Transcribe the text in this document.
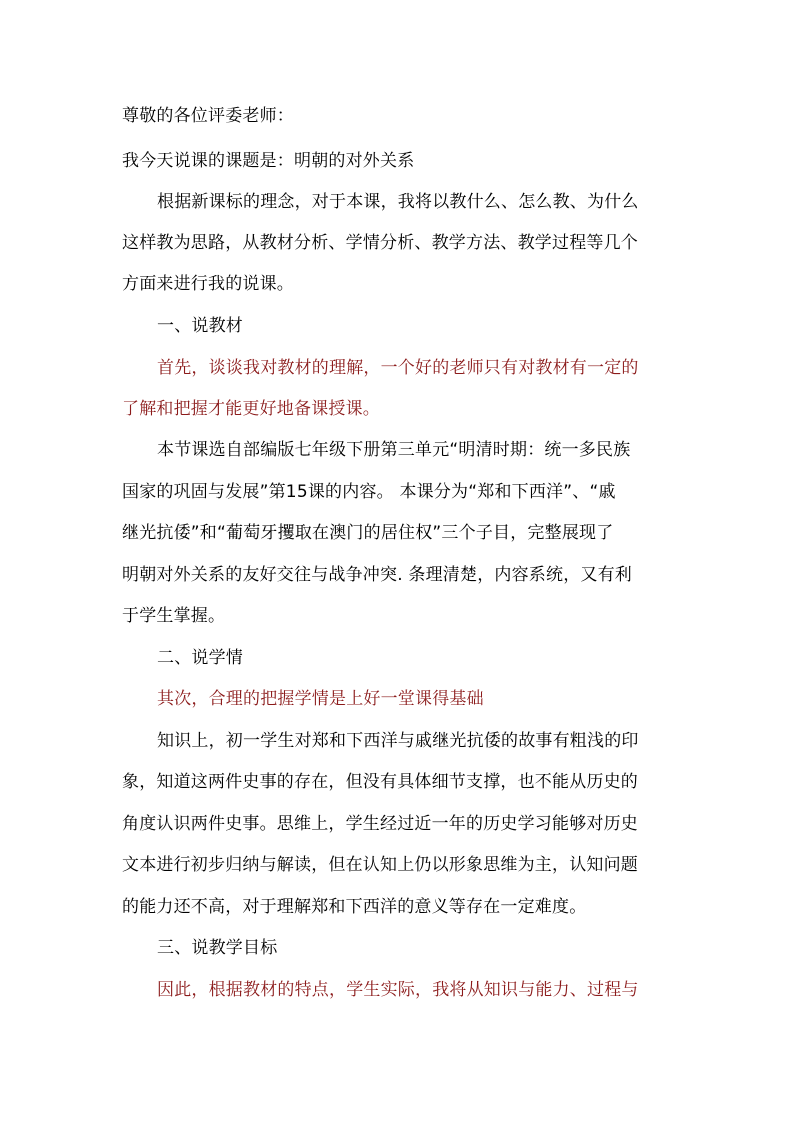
尊敬的各位评委老师：
我今天说课的课题是：明朝的对外关系
根据新课标的理念，对于本课，我将以教什么、怎么教、为什么
这样教为思路，从教材分析、学情分析、教学方法、教学过程等几个
方面来进行我的说课。
一、说教材
首先，谈谈我对教材的理解，一个好的老师只有对教材有一定的
了解和把握才能更好地备课授课。
本节课选自部编版七年级下册第三单元“明清时期：统一多民族
国家的巩固与发展”第15课的内容。 本课分为“郑和下西洋”、“戚
继光抗倭”和“葡萄牙攫取在澳门的居住权”三个子目，完整展现了
明朝对外关系的友好交往与战争冲突. 条理清楚，内容系统，又有利
于学生掌握。
二、说学情
其次，合理的把握学情是上好一堂课得基础
知识上，初一学生对郑和下西洋与戚继光抗倭的故事有粗浅的印
象，知道这两件史事的存在，但没有具体细节支撑，也不能从历史的
角度认识两件史事。思维上，学生经过近一年的历史学习能够对历史
文本进行初步归纳与解读，但在认知上仍以形象思维为主，认知问题
的能力还不高，对于理解郑和下西洋的意义等存在一定难度。
三、说教学目标
因此，根据教材的特点，学生实际，我将从知识与能力、过程与
